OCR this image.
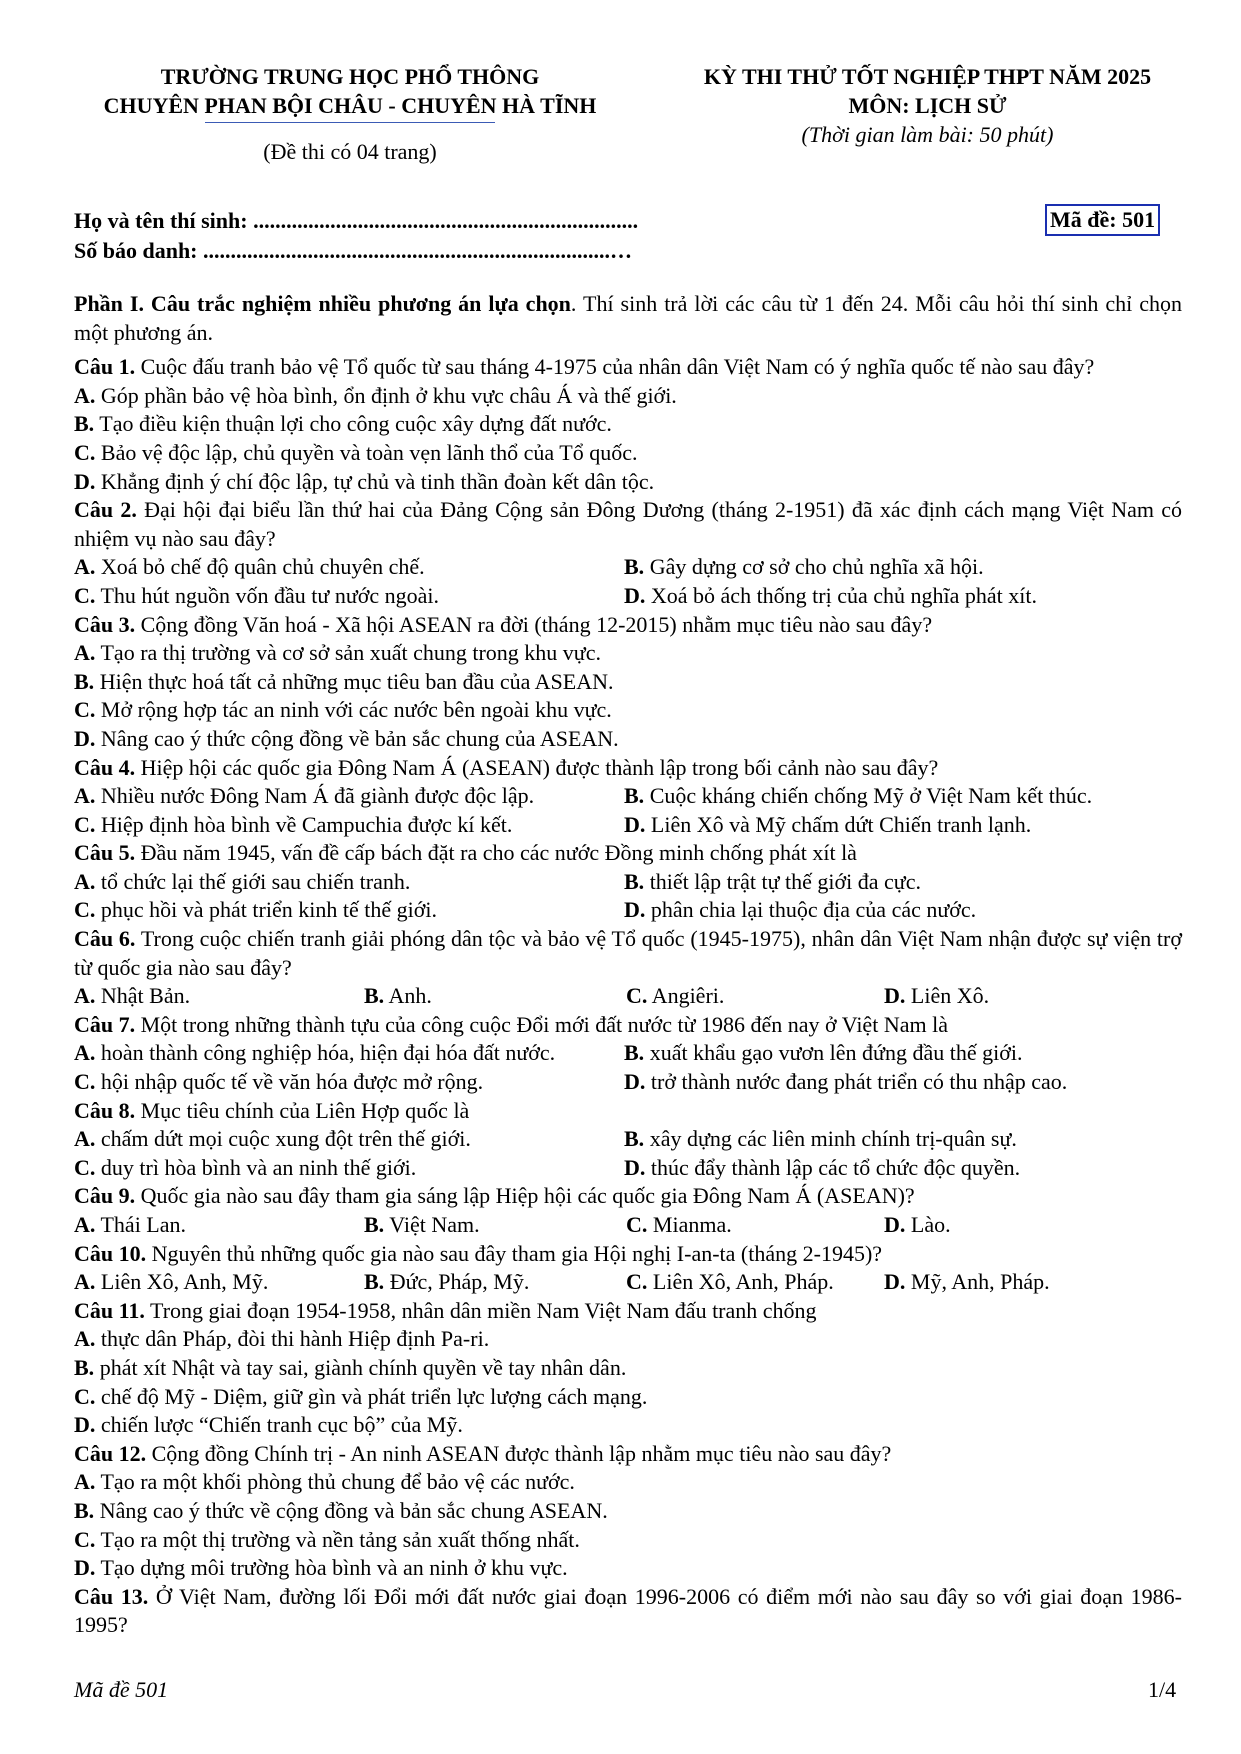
TRƯỜNG TRUNG HỌC PHỔ THÔNG
CHUYÊN PHAN BỘI CHÂU - CHUYÊN HÀ TĨNH
(Đề thi có 04 trang)
KỲ THI THỬ TỐT NGHIỆP THPT NĂM 2025
MÔN: LỊCH SỬ
(Thời gian làm bài: 50 phút)
Họ và tên thí sinh: ......................................................................
Số báo danh: ..........................................................................…
Mã đề: 501

Phần I. Câu trắc nghiệm nhiều phương án lựa chọn. Thí sinh trả lời các câu từ 1 đến 24. Mỗi câu hỏi thí sinh chỉ chọn một phương án.

Câu 1. Cuộc đấu tranh bảo vệ Tổ quốc từ sau tháng 4-1975 của nhân dân Việt Nam có ý nghĩa quốc tế nào sau đây?

A. Góp phần bảo vệ hòa bình, ổn định ở khu vực châu Á và thế giới.

B. Tạo điều kiện thuận lợi cho công cuộc xây dựng đất nước.

C. Bảo vệ độc lập, chủ quyền và toàn vẹn lãnh thổ của Tổ quốc.

D. Khẳng định ý chí độc lập, tự chủ và tinh thần đoàn kết dân tộc.

Câu 2. Đại hội đại biểu lần thứ hai của Đảng Cộng sản Đông Dương (tháng 2-1951) đã xác định cách mạng Việt Nam có nhiệm vụ nào sau đây?

A. Xoá bỏ chế độ quân chủ chuyên chế.	B. Gây dựng cơ sở cho chủ nghĩa xã hội.
C. Thu hút nguồn vốn đầu tư nước ngoài.	D. Xoá bỏ ách thống trị của chủ nghĩa phát xít.

Câu 3. Cộng đồng Văn hoá - Xã hội ASEAN ra đời (tháng 12-2015) nhằm mục tiêu nào sau đây?

A. Tạo ra thị trường và cơ sở sản xuất chung trong khu vực.

B. Hiện thực hoá tất cả những mục tiêu ban đầu của ASEAN.

C. Mở rộng hợp tác an ninh với các nước bên ngoài khu vực.

D. Nâng cao ý thức cộng đồng về bản sắc chung của ASEAN.

Câu 4. Hiệp hội các quốc gia Đông Nam Á (ASEAN) được thành lập trong bối cảnh nào sau đây?

A. Nhiều nước Đông Nam Á đã giành được độc lập.	B. Cuộc kháng chiến chống Mỹ ở Việt Nam kết thúc.
C. Hiệp định hòa bình về Campuchia được kí kết.	D. Liên Xô và Mỹ chấm dứt Chiến tranh lạnh.

Câu 5. Đầu năm 1945, vấn đề cấp bách đặt ra cho các nước Đồng minh chống phát xít là

A. tổ chức lại thế giới sau chiến tranh.	B. thiết lập trật tự thế giới đa cực.
C. phục hồi và phát triển kinh tế thế giới.	D. phân chia lại thuộc địa của các nước.

Câu 6. Trong cuộc chiến tranh giải phóng dân tộc và bảo vệ Tổ quốc (1945-1975), nhân dân Việt Nam nhận được sự viện trợ từ quốc gia nào sau đây?

A. Nhật Bản.	B. Anh.	C. Angiêri.	D. Liên Xô.

Câu 7. Một trong những thành tựu của công cuộc Đổi mới đất nước từ 1986 đến nay ở Việt Nam là

A. hoàn thành công nghiệp hóa, hiện đại hóa đất nước.	B. xuất khẩu gạo vươn lên đứng đầu thế giới.
C. hội nhập quốc tế về văn hóa được mở rộng.	D. trở thành nước đang phát triển có thu nhập cao.

Câu 8. Mục tiêu chính của Liên Hợp quốc là

A. chấm dứt mọi cuộc xung đột trên thế giới.	B. xây dựng các liên minh chính trị-quân sự.
C. duy trì hòa bình và an ninh thế giới.	D. thúc đẩy thành lập các tổ chức độc quyền.

Câu 9. Quốc gia nào sau đây tham gia sáng lập Hiệp hội các quốc gia Đông Nam Á (ASEAN)?

A. Thái Lan.	B. Việt Nam.	C. Mianma.	D. Lào.

Câu 10. Nguyên thủ những quốc gia nào sau đây tham gia Hội nghị I-an-ta (tháng 2-1945)?

A. Liên Xô, Anh, Mỹ.	B. Đức, Pháp, Mỹ.	C. Liên Xô, Anh, Pháp.	D. Mỹ, Anh, Pháp.

Câu 11. Trong giai đoạn 1954-1958, nhân dân miền Nam Việt Nam đấu tranh chống

A. thực dân Pháp, đòi thi hành Hiệp định Pa-ri.

B. phát xít Nhật và tay sai, giành chính quyền về tay nhân dân.

C. chế độ Mỹ - Diệm, giữ gìn và phát triển lực lượng cách mạng.

D. chiến lược “Chiến tranh cục bộ” của Mỹ.

Câu 12. Cộng đồng Chính trị - An ninh ASEAN được thành lập nhằm mục tiêu nào sau đây?

A. Tạo ra một khối phòng thủ chung để bảo vệ các nước.

B. Nâng cao ý thức về cộng đồng và bản sắc chung ASEAN.

C. Tạo ra một thị trường và nền tảng sản xuất thống nhất.

D. Tạo dựng môi trường hòa bình và an ninh ở khu vực.

Câu 13. Ở Việt Nam, đường lối Đổi mới đất nước giai đoạn 1996-2006 có điểm mới nào sau đây so với giai đoạn 1986-1995?

Mã đề 501	1/4
